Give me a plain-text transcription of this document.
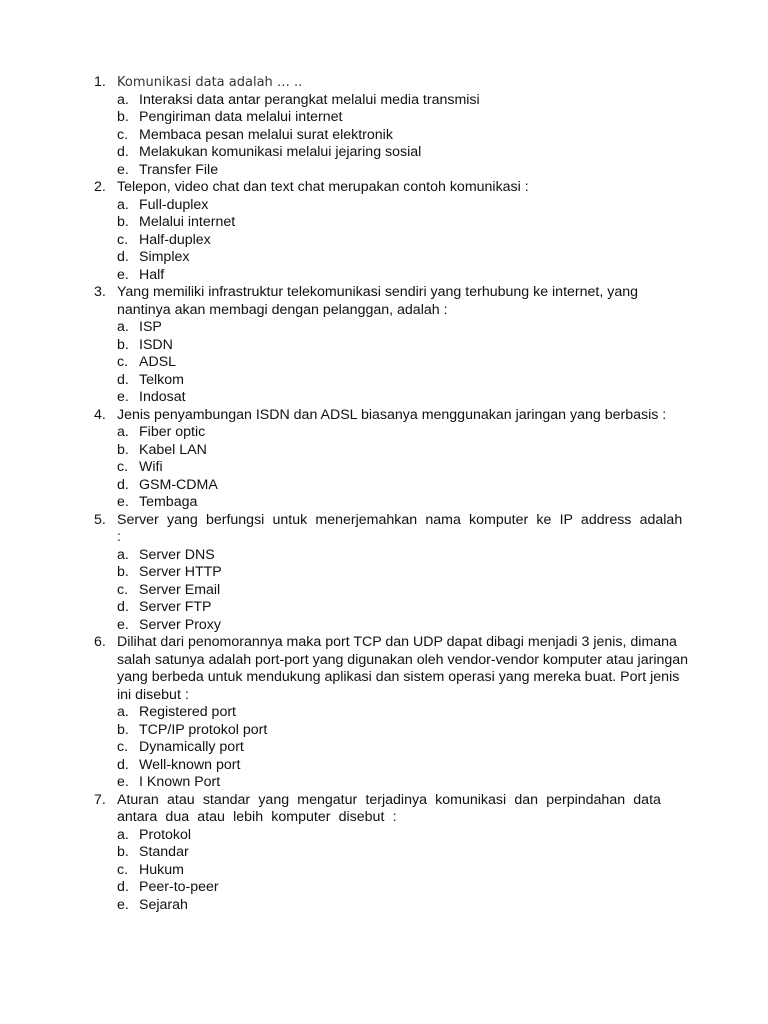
1. Komunikasi data adalah … ..
a. Interaksi data antar perangkat melalui media transmisi
b. Pengiriman data melalui internet
c. Membaca pesan melalui surat elektronik
d. Melakukan komunikasi melalui jejaring sosial
e. Transfer File
2. Telepon, video chat dan text chat merupakan contoh komunikasi :
a. Full-duplex
b. Melalui internet
c. Half-duplex
d. Simplex
e. Half
3. Yang memiliki infrastruktur telekomunikasi sendiri yang terhubung ke internet, yang nantinya akan membagi dengan pelanggan, adalah :
a. ISP
b. ISDN
c. ADSL
d. Telkom
e. Indosat
4. Jenis penyambungan ISDN dan ADSL biasanya menggunakan jaringan yang berbasis :
a. Fiber optic
b. Kabel LAN
c. Wifi
d. GSM-CDMA
e. Tembaga
5. Server yang berfungsi untuk menerjemahkan nama komputer ke IP address adalah :
a. Server DNS
b. Server HTTP
c. Server Email
d. Server FTP
e. Server Proxy
6. Dilihat dari penomorannya maka port TCP dan UDP dapat dibagi menjadi 3 jenis, dimana salah satunya adalah port-port yang digunakan oleh vendor-vendor komputer atau jaringan yang berbeda untuk mendukung aplikasi dan sistem operasi yang mereka buat. Port jenis ini disebut :
a. Registered port
b. TCP/IP protokol port
c. Dynamically port
d. Well-known port
e. I Known Port
7. Aturan atau standar yang mengatur terjadinya komunikasi dan perpindahan data antara dua atau lebih komputer disebut :
a. Protokol
b. Standar
c. Hukum
d. Peer-to-peer
e. Sejarah
